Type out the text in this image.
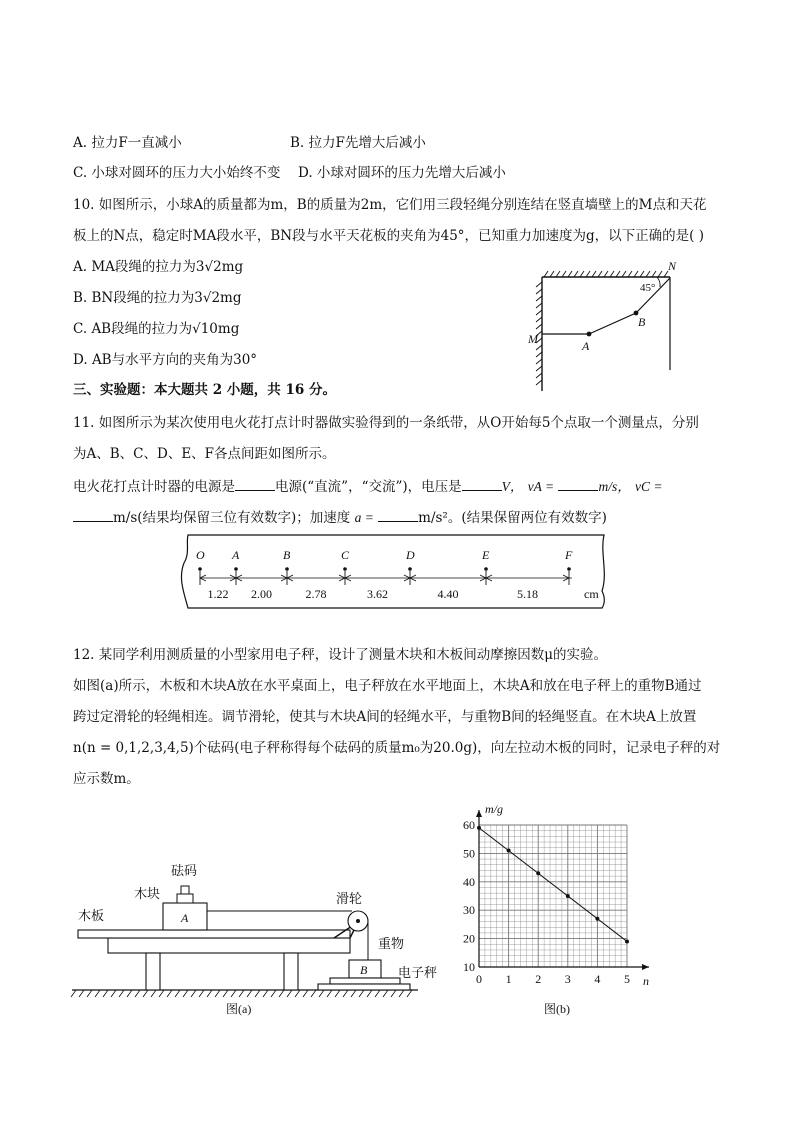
A. 拉力F一直减小	B. 拉力F先增大后减小
C. 小球对圆环的压力大小始终不变 D. 小球对圆环的压力先增大后减小
10. 如图所示，小球A的质量都为m，B的质量为2m，它们用三段轻绳分别连结在竖直墙壁上的M点和天花
板上的N点，稳定时MA段水平，BN段与水平天花板的夹角为45°，已知重力加速度为g，以下正确的是( )
A. MA段绳的拉力为3√2mg
B. BN段绳的拉力为3√2mg
C. AB段绳的拉力为√10mg
D. AB与水平方向的夹角为30°
N
M	A
B
45°
三、实验题：本大题共 2 小题，共 16 分。
11. 如图所示为某次使用电火花打点计时器做实验得到的一条纸带，从O开始每5个点取一个测量点，分别
为A、B、C、D、E、F各点间距如图所示。
电火花打点计时器的电源是	电源(“直流”，“交流”)，电压是	V， vA =	m/s， vC =
m/s(结果均保留三位有效数字)；加速度 a =	m/s²。(结果保留两位有效数字)
O A	B	C	D	E	F
1.22 2.00	2.78	3.62	4.40	5.18	cm
12. 某同学利用测质量的小型家用电子秤，设计了测量木块和木板间动摩擦因数μ的实验。
如图(a)所示，木板和木块A放在水平桌面上，电子秤放在水平地面上，木块A和放在电子秤上的重物B通过
跨过定滑轮的轻绳相连。调节滑轮，使其与木块A间的轻绳水平，与重物B间的轻绳竖直。在木块A上放置
n(n = 0,1,2,3,4,5)个砝码(电子秤称得每个砝码的质量m₀为20.0g)，向左拉动木板的同时，记录电子秤的对
应示数m。
A
B
砝码
木块
木板
滑轮
重物
电子秤
图(a)
0 1 2 3 4 5
10
20
30
40
50
60
n
m/g
图(b)
